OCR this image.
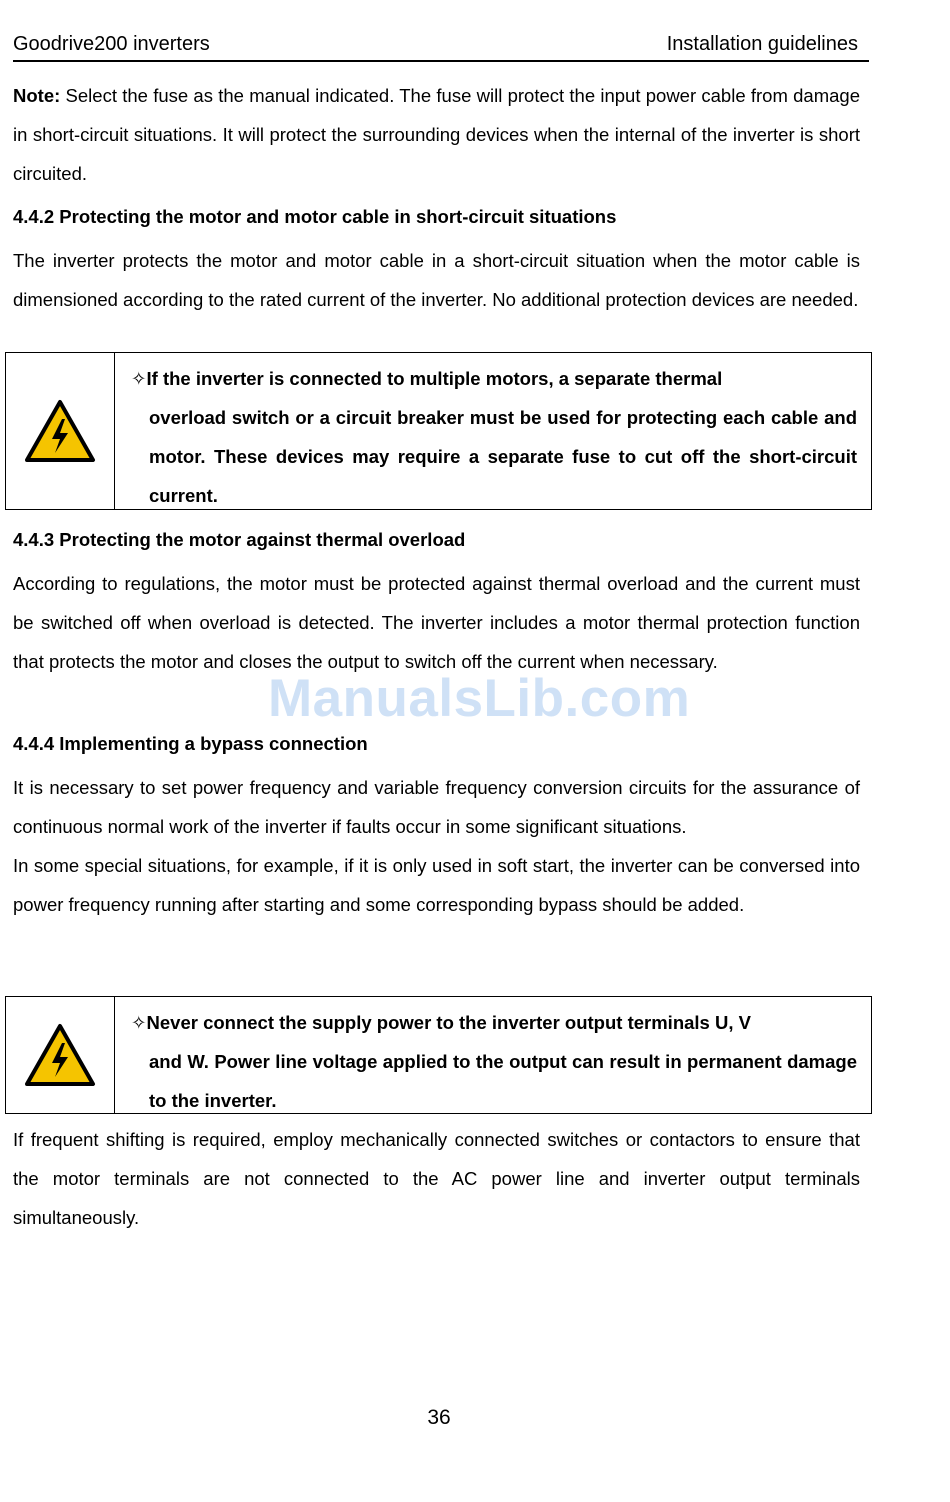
Goodrive200 inverters	Installation guidelines

Note: Select the fuse as the manual indicated. The fuse will protect the input power cable from damage in short-circuit situations. It will protect the surrounding devices when the internal of the inverter is short circuited.

4.4.2 Protecting the motor and motor cable in short-circuit situations

The inverter protects the motor and motor cable in a short-circuit situation when the motor cable is dimensioned according to the rated current of the inverter. No additional protection devices are needed.

✧If the inverter is connected to multiple motors, a separate thermal
overload switch or a circuit breaker must be used for protecting each cable and motor. These devices may require a separate fuse to cut off the short-circuit current.

4.4.3 Protecting the motor against thermal overload

According to regulations, the motor must be protected against thermal overload and the current must be switched off when overload is detected. The inverter includes a motor thermal protection function that protects the motor and closes the output to switch off the current when necessary.

ManualsLib.com

4.4.4 Implementing a bypass connection

It is necessary to set power frequency and variable frequency conversion circuits for the assurance of continuous normal work of the inverter if faults occur in some significant situations.

In some special situations, for example, if it is only used in soft start, the inverter can be conversed into power frequency running after starting and some corresponding bypass should be added.

✧Never connect the supply power to the inverter output terminals U, V
and W. Power line voltage applied to the output can result in permanent damage to the inverter.

If frequent shifting is required, employ mechanically connected switches or contactors to ensure that the motor terminals are not connected to the AC power line and inverter output terminals simultaneously.

36
